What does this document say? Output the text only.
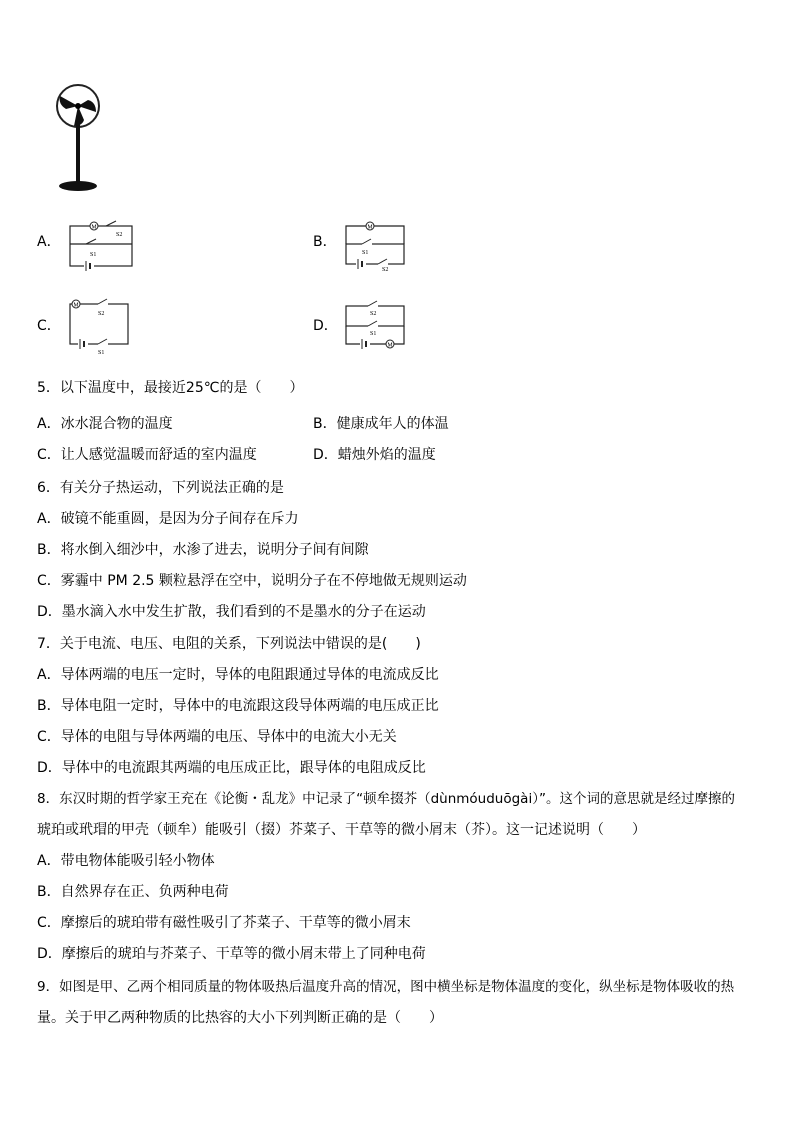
A．
M
S2
S1
B．
M
S1
S2
C．
M
S2
S1
D．
S2
S1
M
5．以下温度中，最接近25℃的是（　　）
A．冰水混合物的温度	B．健康成年人的体温
C．让人感觉温暖而舒适的室内温度	D．蜡烛外焰的温度
6．有关分子热运动，下列说法正确的是
A．破镜不能重圆，是因为分子间存在斥力
B．将水倒入细沙中，水渗了进去，说明分子间有间隙
C．雾霾中 PM 2.5 颗粒悬浮在空中，说明分子在不停地做无规则运动
D．墨水滴入水中发生扩散，我们看到的不是墨水的分子在运动
7．关于电流、电压、电阻的关系，下列说法中错误的是(　　)
A．导体两端的电压一定时，导体的电阻跟通过导体的电流成反比
B．导体电阻一定时，导体中的电流跟这段导体两端的电压成正比
C．导体的电阻与导体两端的电压、导体中的电流大小无关
D．导体中的电流跟其两端的电压成正比，跟导体的电阻成反比
8．东汉时期的哲学家王充在《论衡・乱龙》中记录了“顿牟掇芥（dùnmóuduōgài）”。这个词的意思就是经过摩擦的
琥珀或玳瑁的甲壳（顿牟）能吸引（掇）芥菜子、干草等的微小屑末（芥）。这一记述说明（　　）
A．带电物体能吸引轻小物体
B．自然界存在正、负两种电荷
C．摩擦后的琥珀带有磁性吸引了芥菜子、干草等的微小屑末
D．摩擦后的琥珀与芥菜子、干草等的微小屑末带上了同种电荷
9．如图是甲、乙两个相同质量的物体吸热后温度升高的情况，图中横坐标是物体温度的变化，纵坐标是物体吸收的热
量。关于甲乙两种物质的比热容的大小下列判断正确的是（　　）
